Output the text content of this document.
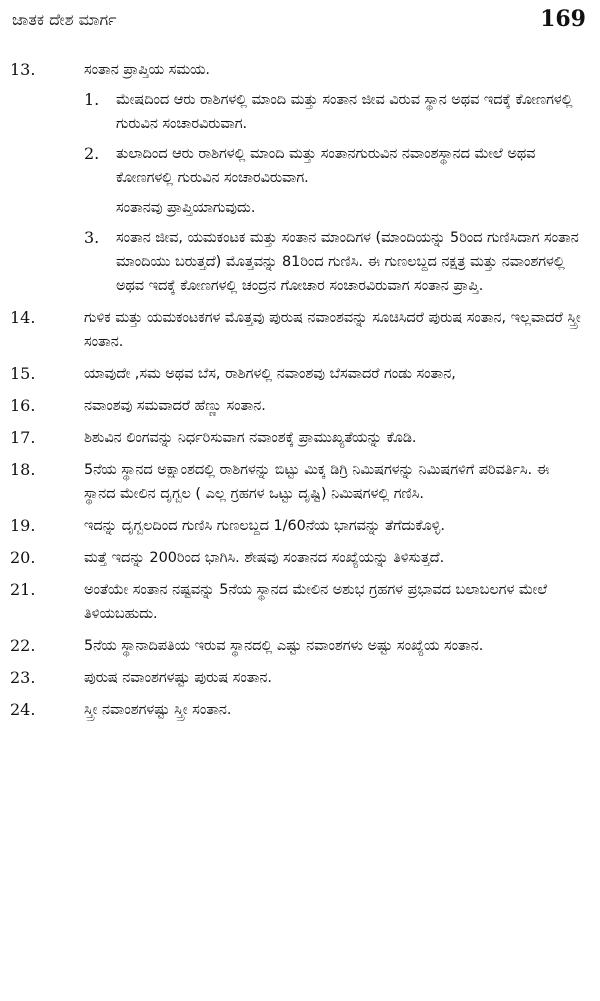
ಜಾತಕ ದೇಶ ಮಾರ್ಗ	169
13.	ಸಂತಾನ ಪ್ರಾಪ್ತಿಯ ಸಮಯ.
1. ಮೇಷದಿಂದ ಆರು ರಾಶಿಗಳಲ್ಲಿ ಮಾಂದಿ ಮತ್ತು ಸಂತಾನ ಜೀವ ವಿರುವ ಸ್ಥಾನ ಅಥವ ಇದಕ್ಕೆ ಕೋಣಗಳಲ್ಲಿ ಗುರುವಿನ ಸಂಚಾರವಿರುವಾಗ.
2. ತುಲಾದಿಂದ ಆರು ರಾಶಿಗಳಲ್ಲಿ ಮಾಂದಿ ಮತ್ತು ಸಂತಾನಗುರುವಿನ ನವಾಂಶಸ್ಥಾನದ ಮೇಲೆ ಅಥವ ಕೋಣಗಳಲ್ಲಿ ಗುರುವಿನ ಸಂಚಾರವಿರುವಾಗ.
ಸಂತಾನವು ಪ್ರಾಪ್ತಿಯಾಗುವುದು.
3. ಸಂತಾನ ಜೀವ, ಯಮಕಂಟಕ ಮತ್ತು ಸಂತಾನ ಮಾಂದಿಗಳ (ಮಾಂದಿಯನ್ನು 5ರಿಂದ ಗುಣಿಸಿದಾಗ ಸಂತಾನ ಮಾಂದಿಯು ಬರುತ್ತದೆ) ಮೊತ್ತವನ್ನು 81ರಿಂದ ಗುಣಿಸಿ. ಈ ಗುಣಲಬ್ದದ ನಕ್ಷತ್ರ ಮತ್ತು ನವಾಂಶಗಳಲ್ಲಿ ಅಥವ ಇದಕ್ಕೆ ಕೋಣಗಳಲ್ಲಿ ಚಂದ್ರನ ಗೋಚಾರ ಸಂಚಾರವಿರುವಾಗ ಸಂತಾನ ಪ್ರಾಪ್ತಿ.
14.	ಗುಳಿಕ ಮತ್ತು ಯಮಕಂಟಕಗಳ ಮೊತ್ತವು ಪುರುಷ ನವಾಂಶವನ್ನು ಸೂಚಿಸಿದರೆ ಪುರುಷ ಸಂತಾನ, ಇಲ್ಲವಾದರೆ ಸ್ತ್ರೀ ಸಂತಾನ.
15.	ಯಾವುದೇ ,ಸಮ ಅಥವ ಬೆಸ, ರಾಶಿಗಳಲ್ಲಿ ನವಾಂಶವು ಬೆಸವಾದರೆ ಗಂಡು ಸಂತಾನ,
16.	ನವಾಂಶವು ಸಮವಾದರೆ ಹೆಣ್ಣು ಸಂತಾನ.
17.	ಶಿಶುವಿನ ಲಿಂಗವನ್ನು ನಿರ್ಧರಿಸುವಾಗ ನವಾಂಶಕ್ಕೆ ಪ್ರಾಮುಖ್ಯತೆಯನ್ನು ಕೊಡಿ.
18.	5ನೆಯ ಸ್ಥಾನದ ಅಕ್ಷಾಂಶದಲ್ಲಿ ರಾಶಿಗಳನ್ನು ಬಿಟ್ಟು ಮಿಕ್ಕ ಡಿಗ್ರಿ ನಿಮಿಷಗಳನ್ನು ನಿಮಿಷಗಳಿಗೆ ಪರಿವರ್ತಿಸಿ. ಈ ಸ್ಥಾನದ ಮೇಲಿನ ದೃಗ್ಬಲ ( ಎಲ್ಲ ಗ್ರಹಗಳ ಒಟ್ಟು ದೃಷ್ಟಿ) ನಿಮಿಷಗಳಲ್ಲಿ ಗಣಿಸಿ.
19.	ಇದನ್ನು ದೃಗ್ಬಲದಿಂದ ಗುಣಿಸಿ ಗುಣಲಬ್ದದ 1/60ನೆಯ ಭಾಗವನ್ನು ತೆಗೆದುಕೊಳ್ಳಿ.
20.	ಮತ್ತೆ ಇದನ್ನು 200ರಿಂದ ಭಾಗಿಸಿ. ಶೇಷವು ಸಂತಾನದ ಸಂಖ್ಯೆಯನ್ನು ತಿಳಿಸುತ್ತದೆ.
21.	ಅಂತೆಯೇ ಸಂತಾನ ನಷ್ಟವನ್ನು 5ನೆಯ ಸ್ಥಾನದ ಮೇಲಿನ ಅಶುಭ ಗ್ರಹಗಳ ಪ್ರಭಾವದ ಬಲಾಬಲಗಳ ಮೇಲೆ ತಿಳಿಯಬಹುದು.
22.	5ನೆಯ ಸ್ಥಾನಾದಿಪತಿಯ ಇರುವ ಸ್ಥಾನದಲ್ಲಿ ಎಷ್ಟು ನವಾಂಶಗಳು ಅಷ್ಟು ಸಂಖ್ಯೆಯ ಸಂತಾನ.
23.	ಪುರುಷ ನವಾಂಶಗಳಷ್ಟು ಪುರುಷ ಸಂತಾನ.
24.	ಸ್ತ್ರೀ ನವಾಂಶಗಳಷ್ಟು ಸ್ತ್ರೀ ಸಂತಾನ.
